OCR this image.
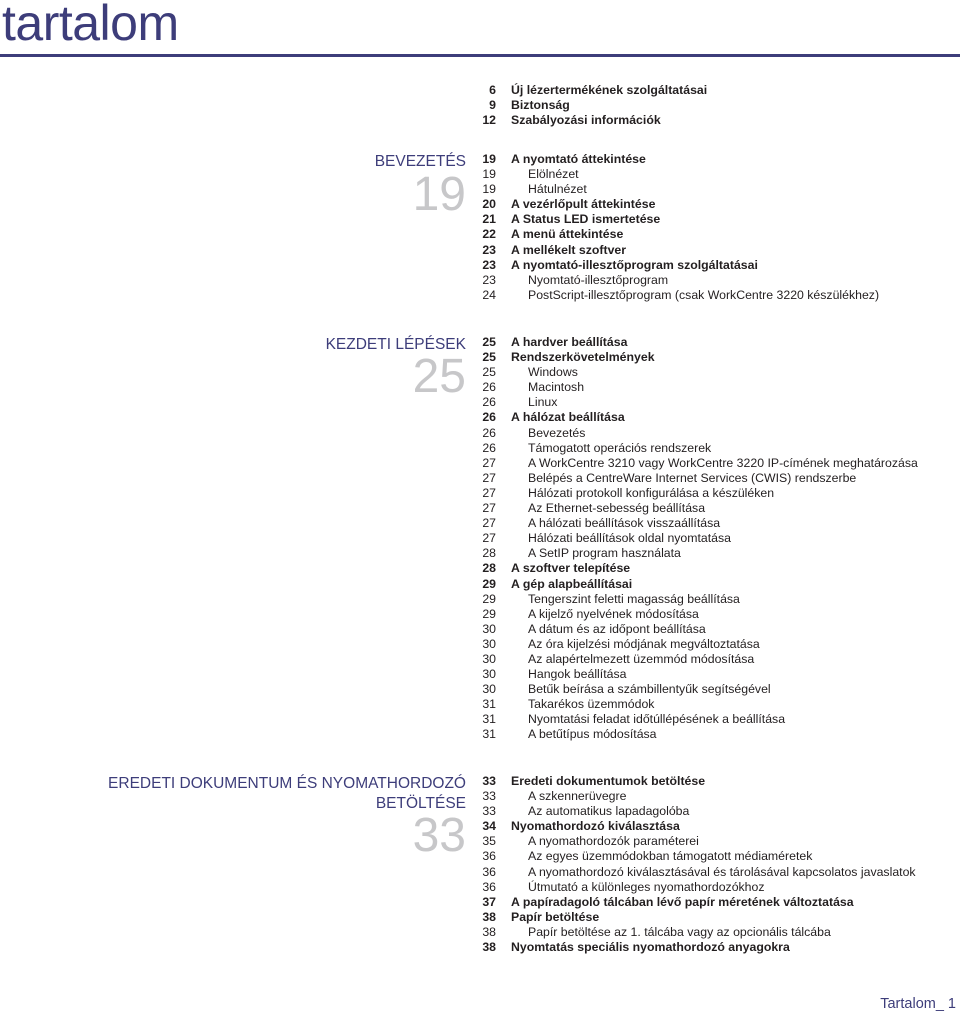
tartalom
6	Új lézertermékének szolgáltatásai
9	Biztonság
12	Szabályozási információk
BEVEZETÉS
19
19	A nyomtató áttekintése
19	Elölnézet
19	Hátulnézet
20	A vezérlőpult áttekintése
21	A Status LED ismertetése
22	A menü áttekintése
23	A mellékelt szoftver
23	A nyomtató-illesztőprogram szolgáltatásai
23	Nyomtató-illesztőprogram
24	PostScript-illesztőprogram (csak WorkCentre 3220 készülékhez)
KEZDETI LÉPÉSEK
25
25	A hardver beállítása
25	Rendszerkövetelmények
25	Windows
26	Macintosh
26	Linux
26	A hálózat beállítása
26	Bevezetés
26	Támogatott operációs rendszerek
27	A WorkCentre 3210 vagy WorkCentre 3220 IP-címének meghatározása
27	Belépés a CentreWare Internet Services (CWIS) rendszerbe
27	Hálózati protokoll konfigurálása a készüléken
27	Az Ethernet-sebesség beállítása
27	A hálózati beállítások visszaállítása
27	Hálózati beállítások oldal nyomtatása
28	A SetIP program használata
28	A szoftver telepítése
29	A gép alapbeállításai
29	Tengerszint feletti magasság beállítása
29	A kijelző nyelvének módosítása
30	A dátum és az időpont beállítása
30	Az óra kijelzési módjának megváltoztatása
30	Az alapértelmezett üzemmód módosítása
30	Hangok beállítása
30	Betűk beírása a számbillentyűk segítségével
31	Takarékos üzemmódok
31	Nyomtatási feladat időtúllépésének a beállítása
31	A betűtípus módosítása
EREDETI DOKUMENTUM ÉS NYOMATHORDOZÓ
BETÖLTÉSE
33
33	Eredeti dokumentumok betöltése
33	A szkennerüvegre
33	Az automatikus lapadagolóba
34	Nyomathordozó kiválasztása
35	A nyomathordozók paraméterei
36	Az egyes üzemmódokban támogatott médiaméretek
36	A nyomathordozó kiválasztásával és tárolásával kapcsolatos javaslatok
36	Útmutató a különleges nyomathordozókhoz
37	A papíradagoló tálcában lévő papír méretének változtatása
38	Papír betöltése
38	Papír betöltése az 1. tálcába vagy az opcionális tálcába
38	Nyomtatás speciális nyomathordozó anyagokra
Tartalom_ 1
